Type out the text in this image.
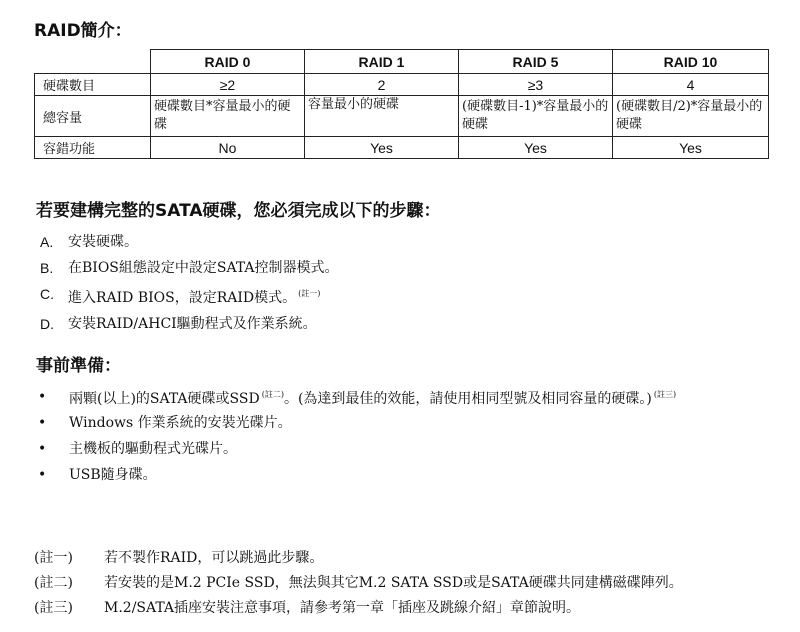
RAID簡介：
	RAID 0	RAID 1	RAID 5	RAID 10
硬碟數目	≥2	2	≥3	4
總容量	硬碟數目*容量最小的硬碟	容量最小的硬碟	(硬碟數目-1)*容量最小的硬碟	(硬碟數目/2)*容量最小的硬碟
容錯功能	No	Yes	Yes	Yes
若要建構完整的SATA硬碟，您必須完成以下的步驟：
A.	安裝硬碟。
B.	在BIOS組態設定中設定SATA控制器模式。
C.	進入RAID BIOS，設定RAID模式。 $^{(註一)}$
D.	安裝RAID/AHCI驅動程式及作業系統。
事前準備：
•	兩顆(以上)的SATA硬碟或SSD $^{(註二)}$。(為達到最佳的效能，請使用相同型號及相同容量的硬碟。) $^{(註三)}$
•	Windows 作業系統的安裝光碟片。
•	主機板的驅動程式光碟片。
•	USB隨身碟。
(註一)	若不製作RAID，可以跳過此步驟。
(註二)	若安裝的是M.2 PCIe SSD，無法與其它M.2 SATA SSD或是SATA硬碟共同建構磁碟陣列。
(註三)	M.2/SATA插座安裝注意事項，請參考第一章「插座及跳線介紹」章節說明。
